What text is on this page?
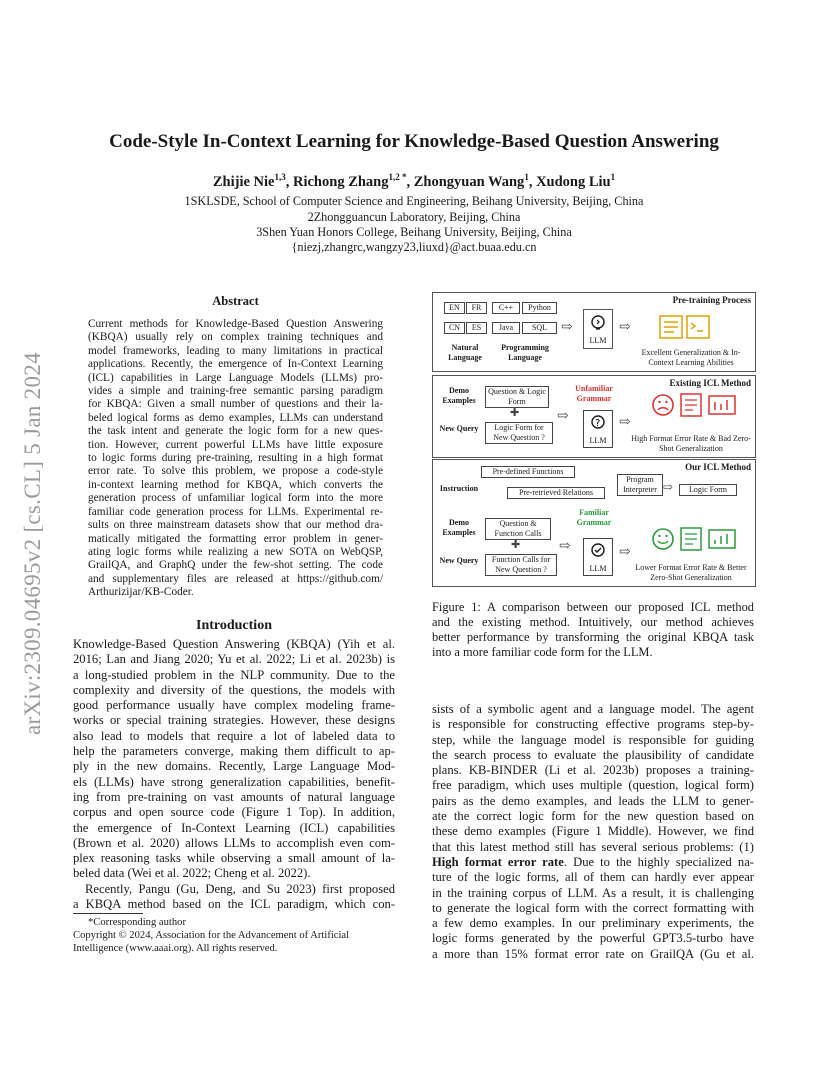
arXiv:2309.04695v2 [cs.CL] 5 Jan 2024
Code-Style In-Context Learning for Knowledge-Based Question Answering
Zhijie Nie$^{1,3}$, Richong Zhang$^{1,2 *}$, Zhongyuan Wang$^1$, Xudong Liu$^1$
1SKLSDE, School of Computer Science and Engineering, Beihang University, Beijing, China
2Zhongguancun Laboratory, Beijing, China
3Shen Yuan Honors College, Beihang University, Beijing, China
{niezj,zhangrc,wangzy23,liuxd}@act.buaa.edu.cn
Abstract
Current methods for Knowledge-Based Question Answering
(KBQA) usually rely on complex training techniques and
model frameworks, leading to many limitations in practical
applications. Recently, the emergence of In-Context Learning
(ICL) capabilities in Large Language Models (LLMs) pro-
vides a simple and training-free semantic parsing paradigm
for KBQA: Given a small number of questions and their la-
beled logical forms as demo examples, LLMs can understand
the task intent and generate the logic form for a new ques-
tion. However, current powerful LLMs have little exposure
to logic forms during pre-training, resulting in a high format
error rate. To solve this problem, we propose a code-style
in-context learning method for KBQA, which converts the
generation process of unfamiliar logical form into the more
familiar code generation process for LLMs. Experimental re-
sults on three mainstream datasets show that our method dra-
matically mitigated the formatting error problem in gener-
ating logic forms while realizing a new SOTA on WebQSP,
GrailQA, and GraphQ under the few-shot setting. The code
and supplementary files are released at https://github.com/
Arthurizijar/KB-Coder.
Introduction
Knowledge-Based Question Answering (KBQA) (Yih et al.
2016; Lan and Jiang 2020; Yu et al. 2022; Li et al. 2023b) is
a long-studied problem in the NLP community. Due to the
complexity and diversity of the questions, the models with
good performance usually have complex modeling frame-
works or special training strategies. However, these designs
also lead to models that require a lot of labeled data to
help the parameters converge, making them difficult to ap-
ply in the new domains. Recently, Large Language Mod-
els (LLMs) have strong generalization capabilities, benefit-
ing from pre-training on vast amounts of natural language
corpus and open source code (Figure 1 Top). In addition,
the emergence of In-Context Learning (ICL) capabilities
(Brown et al. 2020) allows LLMs to accomplish even com-
plex reasoning tasks while observing a small amount of la-
beled data (Wei et al. 2022; Cheng et al. 2022).
Recently, Pangu (Gu, Deng, and Su 2023) first proposed
a KBQA method based on the ICL paradigm, which con-
*Corresponding author
Copyright © 2024, Association for the Advancement of Artificial
Intelligence (www.aaai.org). All rights reserved.
Pre-training Process
EN	FR
CN	ES
C++	Python
Java	SQL
Natural Language
Programming Language
⇨
LLM
⇨
Excellent Generalization & In-Context Learning Abilities
Existing ICL Method
Demo Examples
Question & Logic Form
✚
New Query	Logic Form for New Question ?
Unfamiliar Grammar
⇨	?
LLM
⇨
High Format Error Rate & Bad Zero-Shot Generalization
Our ICL Method
Instruction
Pre-defined Functions
Pre-retrieved Relations
Demo Examples
Question & Function Calls
✚
New Query	Function Calls for New Question ?
Familiar Grammar
⇨
LLM
Program Interpreter ⇨	Logic Form
⇨
Lower Format Error Rate & Better Zero-Shot Generalization
Figure 1: A comparison between our proposed ICL method
and the existing method. Intuitively, our method achieves
better performance by transforming the original KBQA task
into a more familiar code form for the LLM.
sists of a symbolic agent and a language model. The agent
is responsible for constructing effective programs step-by-
step, while the language model is responsible for guiding
the search process to evaluate the plausibility of candidate
plans. KB-BINDER (Li et al. 2023b) proposes a training-
free paradigm, which uses multiple (question, logical form)
pairs as the demo examples, and leads the LLM to gener-
ate the correct logic form for the new question based on
these demo examples (Figure 1 Middle). However, we find
that this latest method still has several serious problems: (1)
High format error rate. Due to the highly specialized na-
ture of the logic forms, all of them can hardly ever appear
in the training corpus of LLM. As a result, it is challenging
to generate the logical form with the correct formatting with
a few demo examples. In our preliminary experiments, the
logic forms generated by the powerful GPT3.5-turbo have
a more than 15% format error rate on GrailQA (Gu et al.
